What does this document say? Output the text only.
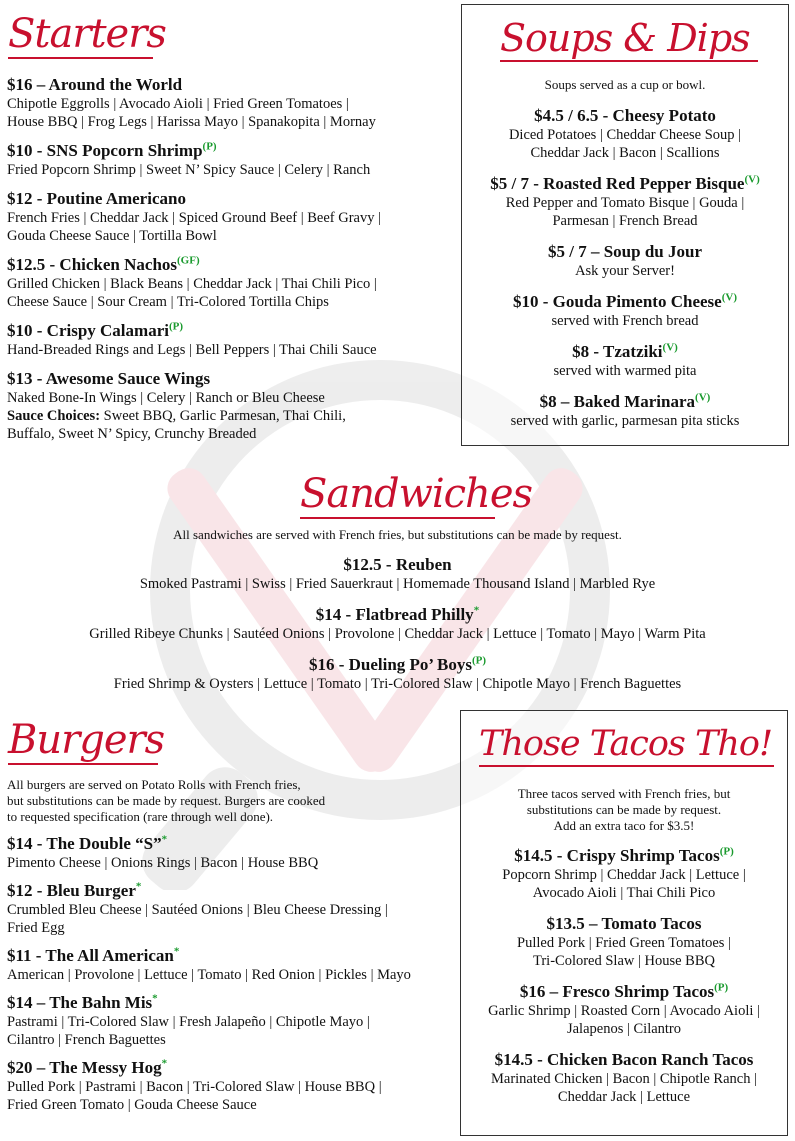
Starters
$16 – Around the World
Chipotle Eggrolls | Avocado Aioli | Fried Green Tomatoes |
House BBQ | Frog Legs | Harissa Mayo | Spanakopita | Mornay
$10 - SNS Popcorn Shrimp$^{(P)}$
Fried Popcorn Shrimp | Sweet N’ Spicy Sauce | Celery | Ranch
$12 - Poutine Americano
French Fries | Cheddar Jack | Spiced Ground Beef | Beef Gravy |
Gouda Cheese Sauce | Tortilla Bowl
$12.5 - Chicken Nachos$^{(GF)}$
Grilled Chicken | Black Beans | Cheddar Jack | Thai Chili Pico |
Cheese Sauce | Sour Cream | Tri-Colored Tortilla Chips
$10 - Crispy Calamari$^{(P)}$
Hand-Breaded Rings and Legs | Bell Peppers | Thai Chili Sauce
$13 - Awesome Sauce Wings
Naked Bone-In Wings | Celery | Ranch or Bleu Cheese
Sauce Choices: Sweet BBQ, Garlic Parmesan, Thai Chili,
Buffalo, Sweet N’ Spicy, Crunchy Breaded
Soups & Dips
Soups served as a cup or bowl.
$4.5 / 6.5 - Cheesy Potato
Diced Potatoes | Cheddar Cheese Soup |
Cheddar Jack | Bacon | Scallions
$5 / 7 - Roasted Red Pepper Bisque$^{(V)}$
Red Pepper and Tomato Bisque | Gouda |
Parmesan | French Bread
$5 / 7 – Soup du Jour
Ask your Server!
$10 - Gouda Pimento Cheese$^{(V)}$
served with French bread
$8 - Tzatziki$^{(V)}$
served with warmed pita
$8 – Baked Marinara$^{(V)}$
served with garlic, parmesan pita sticks
Sandwiches
All sandwiches are served with French fries, but substitutions can be made by request.
$12.5 - Reuben
Smoked Pastrami | Swiss | Fried Sauerkraut | Homemade Thousand Island | Marbled Rye
$14 - Flatbread Philly*
Grilled Ribeye Chunks | Sautéed Onions | Provolone | Cheddar Jack | Lettuce | Tomato | Mayo | Warm Pita
$16 - Dueling Po’ Boys$^{(P)}$
Fried Shrimp & Oysters | Lettuce | Tomato | Tri-Colored Slaw | Chipotle Mayo | French Baguettes
Burgers
All burgers are served on Potato Rolls with French fries,
but substitutions can be made by request. Burgers are cooked
to requested specification (rare through well done).
$14 - The Double “S”*
Pimento Cheese | Onions Rings | Bacon | House BBQ
$12 - Bleu Burger*
Crumbled Bleu Cheese | Sautéed Onions | Bleu Cheese Dressing |
Fried Egg
$11 - The All American*
American | Provolone | Lettuce | Tomato | Red Onion | Pickles | Mayo
$14 – The Bahn Mis*
Pastrami | Tri-Colored Slaw | Fresh Jalapeño | Chipotle Mayo |
Cilantro | French Baguettes
$20 – The Messy Hog*
Pulled Pork | Pastrami | Bacon | Tri-Colored Slaw | House BBQ |
Fried Green Tomato | Gouda Cheese Sauce
Those Tacos Tho!
Three tacos served with French fries, but
substitutions can be made by request.
Add an extra taco for $3.5!
$14.5 - Crispy Shrimp Tacos$^{(P)}$
Popcorn Shrimp | Cheddar Jack | Lettuce |
Avocado Aioli | Thai Chili Pico
$13.5 – Tomato Tacos
Pulled Pork | Fried Green Tomatoes |
Tri-Colored Slaw | House BBQ
$16 – Fresco Shrimp Tacos$^{(P)}$
Garlic Shrimp | Roasted Corn | Avocado Aioli |
Jalapenos | Cilantro
$14.5 - Chicken Bacon Ranch Tacos
Marinated Chicken | Bacon | Chipotle Ranch |
Cheddar Jack | Lettuce
